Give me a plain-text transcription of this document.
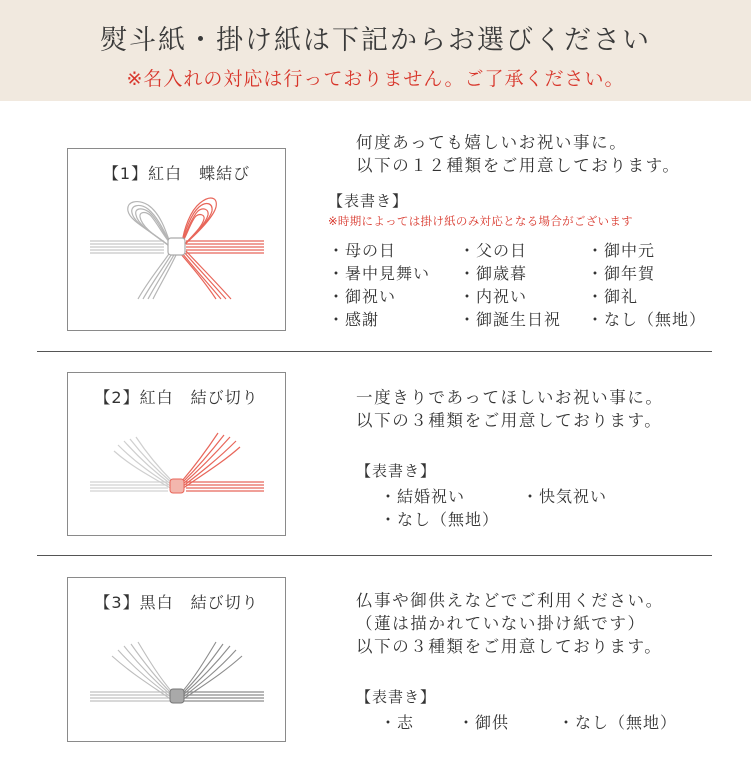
熨斗紙・掛け紙は下記からお選びください
※名入れの対応は行っておりません。ご了承ください。
【1】紅白　蝶結び
何度あっても嬉しいお祝い事に。
以下の１２種類をご用意しております。
【表書き】
※時期によっては掛け紙のみ対応となる場合がございます
・母の日	・父の日	・御中元
・暑中見舞い ・御歳暮	・御年賀
・御祝い	・内祝い	・御礼
・感謝	・御誕生日祝 ・なし（無地）
【2】紅白　結び切り	一度きりであってほしいお祝い事に。
以下の３種類をご用意しております。
【表書き】
・結婚祝い	・快気祝い
・なし（無地）
【3】黒白　結び切り	仏事や御供えなどでご利用ください。
（蓮は描かれていない掛け紙です）
以下の３種類をご用意しております。
【表書き】
・志	・御供	・なし（無地）
